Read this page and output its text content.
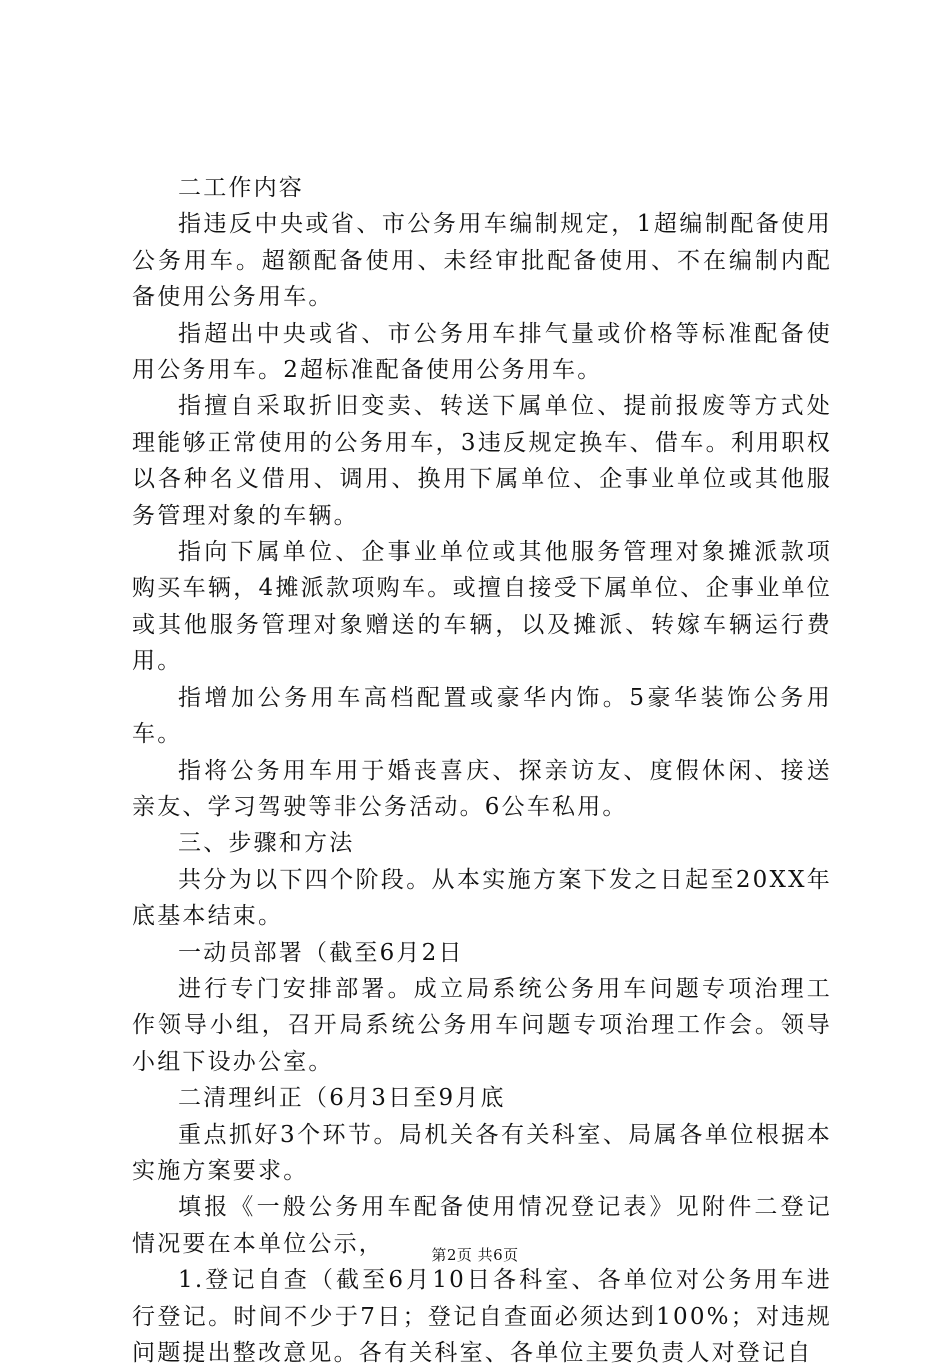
二工作内容

指违反中央或省、市公务用车编制规定，1超编制配备使用公务用车。超额配备使用、未经审批配备使用、不在编制内配备使用公务用车。

指超出中央或省、市公务用车排气量或价格等标准配备使用公务用车。2超标准配备使用公务用车。

指擅自采取折旧变卖、转送下属单位、提前报废等方式处理能够正常使用的公务用车，3违反规定换车、借车。利用职权以各种名义借用、调用、换用下属单位、企事业单位或其他服务管理对象的车辆。

指向下属单位、企事业单位或其他服务管理对象摊派款项购买车辆，4摊派款项购车。或擅自接受下属单位、企事业单位或其他服务管理对象赠送的车辆，以及摊派、转嫁车辆运行费用。

指增加公务用车高档配置或豪华内饰。5豪华装饰公务用车。

指将公务用车用于婚丧喜庆、探亲访友、度假休闲、接送亲友、学习驾驶等非公务活动。6公车私用。

三、步骤和方法

共分为以下四个阶段。从本实施方案下发之日起至20XX年底基本结束。

一动员部署（截至6月2日

进行专门安排部署。成立局系统公务用车问题专项治理工作领导小组，召开局系统公务用车问题专项治理工作会。领导小组下设办公室。

二清理纠正（6月3日至9月底

重点抓好3个环节。局机关各有关科室、局属各单位根据本实施方案要求。

填报《一般公务用车配备使用情况登记表》见附件二登记情况要在本单位公示，

1.登记自查（截至6月10日各科室、各单位对公务用车进行登记。时间不少于7日；登记自查面必须达到100%；对违规问题提出整改意见。各有关科室、各单位主要负责人对登记自

第2页 共6页
